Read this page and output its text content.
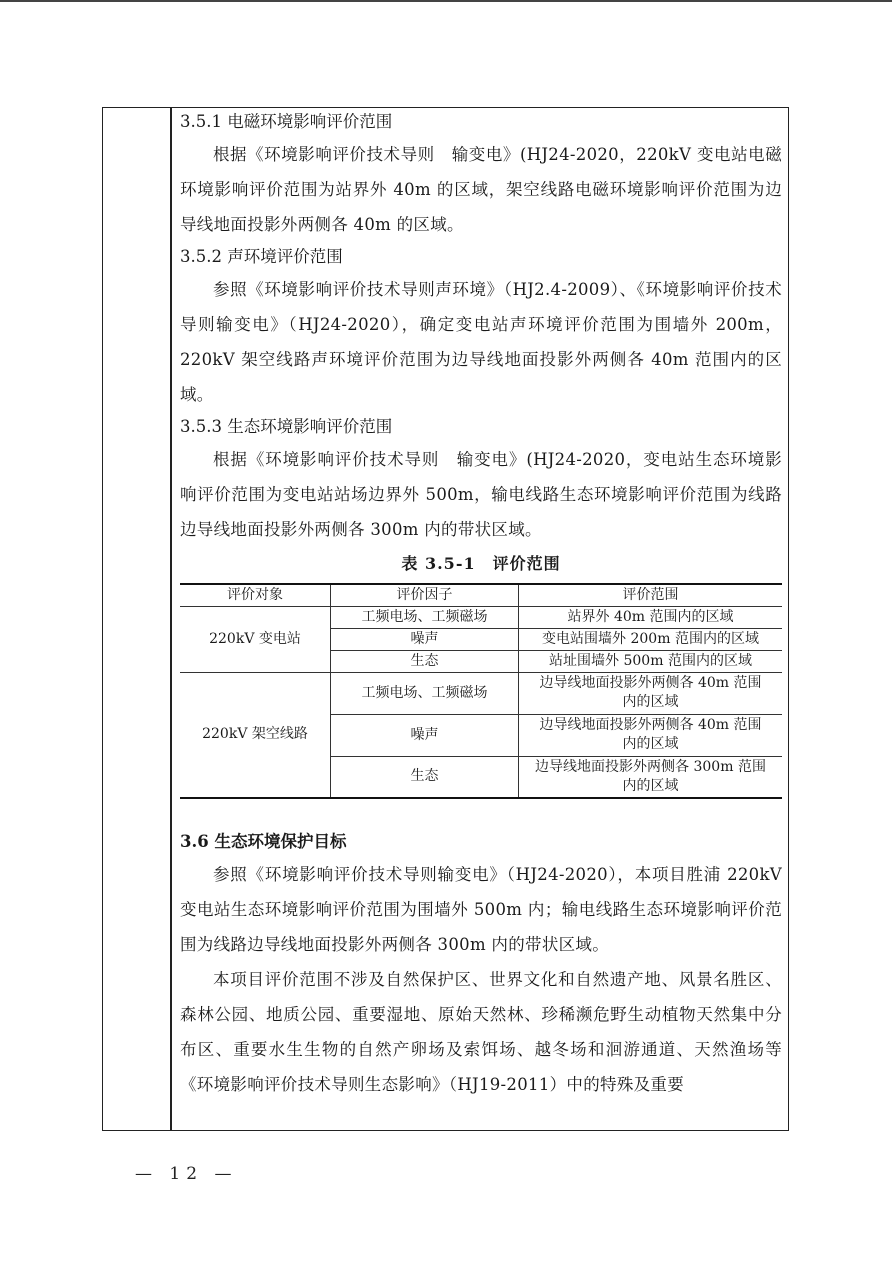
3.5.1 电磁环境影响评价范围

根据《环境影响评价技术导则　输变电》(HJ24-2020，220kV 变电站电磁环境影响评价范围为站界外 40m 的区域，架空线路电磁环境影响评价范围为边导线地面投影外两侧各 40m 的区域。

3.5.2 声环境评价范围

参照《环境影响评价技术导则声环境》（HJ2.4-2009）、《环境影响评价技术导则输变电》（HJ24-2020），确定变电站声环境评价范围为围墙外 200m，220kV 架空线路声环境评价范围为边导线地面投影外两侧各 40m 范围内的区域。

3.5.3 生态环境影响评价范围

根据《环境影响评价技术导则　输变电》(HJ24-2020，变电站生态环境影响评价范围为变电站站场边界外 500m，输电线路生态环境影响评价范围为线路边导线地面投影外两侧各 300m 内的带状区域。

表 3.5-1　评价范围
评价对象	评价因子	评价范围
220kV 变电站	工频电场、工频磁场	站界外 40m 范围内的区域
	噪声	变电站围墙外 200m 范围内的区域
	生态	站址围墙外 500m 范围内的区域
220kV 架空线路	工频电场、工频磁场	边导线地面投影外两侧各 40m 范围
内的区域

	噪声	边导线地面投影外两侧各 40m 范围
内的区域

	生态	边导线地面投影外两侧各 300m 范围
内的区域

3.6 生态环境保护目标

参照《环境影响评价技术导则输变电》（HJ24-2020），本项目胜浦 220kV 变电站生态环境影响评价范围为围墙外 500m 内；输电线路生态环境影响评价范围为线路边导线地面投影外两侧各 300m 内的带状区域。

本项目评价范围不涉及自然保护区、世界文化和自然遗产地、风景名胜区、森林公园、地质公园、重要湿地、原始天然林、珍稀濒危野生动植物天然集中分布区、重要水生生物的自然产卵场及索饵场、越冬场和洄游通道、天然渔场等《环境影响评价技术导则生态影响》（HJ19-2011）中的特殊及重要

— 12 —
